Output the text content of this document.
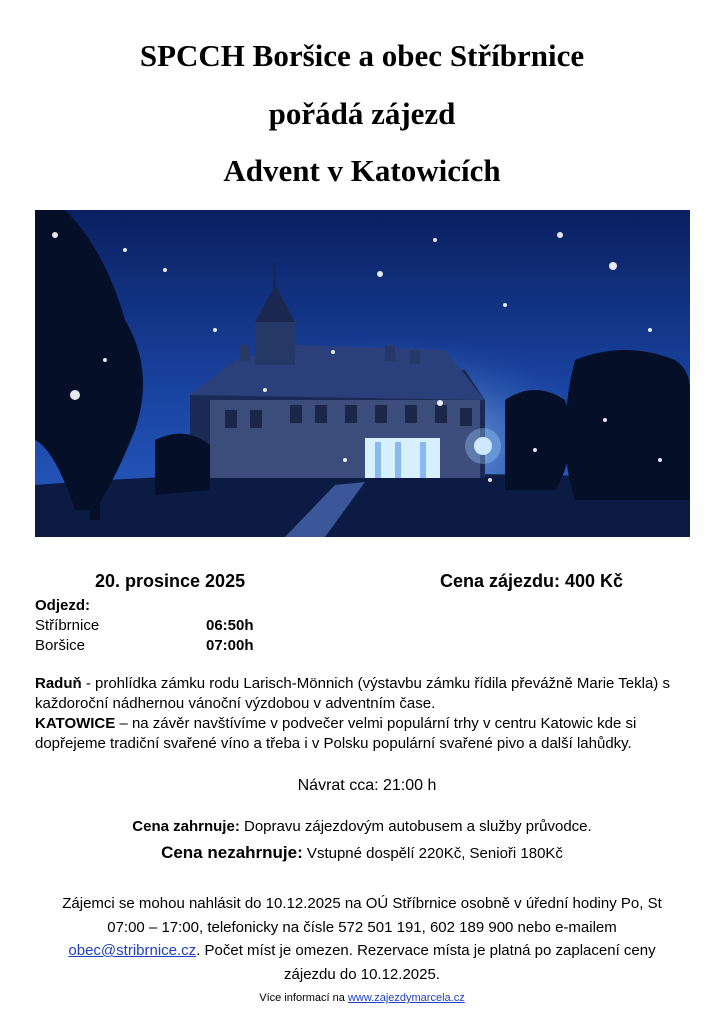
SPCCH Boršice a obec Stříbrnice
pořádá zájezd
Advent v Katowicích
20. prosince 2025	Cena zájezdu: 400 Kč
Odjezd:
Stříbrnice	06:50h
Boršice	07:00h
Raduň - prohlídka zámku rodu Larisch-Mönnich (výstavbu zámku řídila převážně Marie Tekla) s každoroční nádhernou vánoční výzdobou v adventním čase.
KATOWICE – na závěr navštívíme v podvečer velmi populární trhy v centru Katowic kde si dopřejeme tradiční svařené víno a třeba i v Polsku populární svařené pivo a další lahůdky.
Návrat cca: 21:00 h
Cena zahrnuje: Dopravu zájezdovým autobusem a služby průvodce.
Cena nezahrnuje: Vstupné dospělí 220Kč, Senioři 180Kč
Zájemci se mohou nahlásit do 10.12.2025 na OÚ Stříbrnice osobně v úřední hodiny Po, St
07:00 – 17:00, telefonicky na čísle 572 501 191, 602 189 900 nebo e-mailem
obec@stribrnice.cz. Počet míst je omezen. Rezervace místa je platná po zaplacení ceny
zájezdu do 10.12.2025.
Více informací na www.zajezdymarcela.cz
